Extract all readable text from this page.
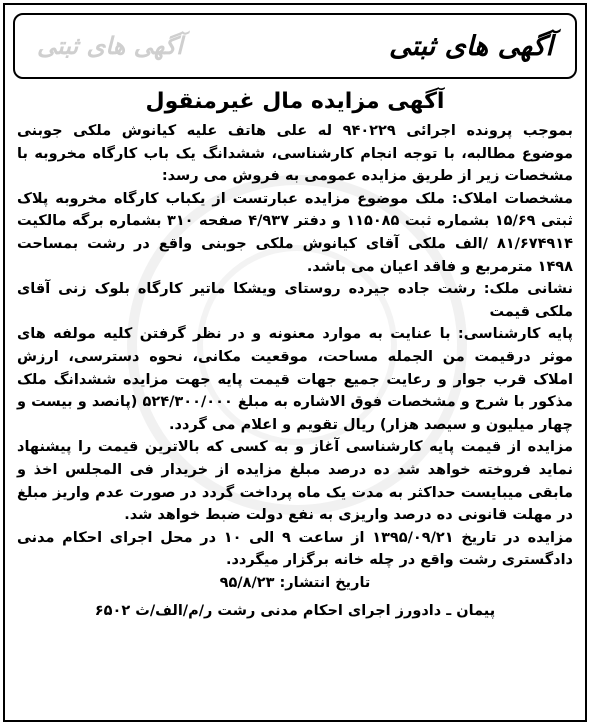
آگهی های ثبتی
آگهی های ثبتی
آگهی مزایده مال غیرمنقول

بموجب پرونده اجرائی ۹۴۰۲۲۹ له علی هاتف علیه کیانوش ملکی جوبنی موضوع مطالبه، با توجه انجام کارشناسی، ششدانگ یک باب کارگاه مخروبه با مشخصات زیر از طریق مزایده عمومی به فروش می رسد:

مشخصات املاک: ملک موضوع مزایده عبارتست از یکباب کارگاه مخروبه پلاک ثبتی ۱۵/۶۹ بشماره ثبت ۱۱۵۰۸۵ و دفتر ۴/۹۳۷ صفحه ۳۱۰ بشماره برگه مالکیت ۸۱/۶۷۴۹۱۴ /الف ملکی آقای کیانوش ملکی جوبنی واقع در رشت بمساحت ۱۴۹۸ مترمربع و فاقد اعیان می باشد.

نشانی ملک: رشت جاده جیرده روستای ویشکا ماتیر کارگاه بلوک زنی آقای ملکی قیمت

پایه کارشناسی: با عنایت به موارد معنونه و در نظر گرفتن کلیه مولفه های موثر درقیمت من الجمله مساحت، موقعیت مکانی، نحوه دسترسی، ارزش املاک قرب جوار و رعایت جمیع جهات قیمت پایه جهت مزایده ششدانگ ملک مذکور با شرح و مشخصات فوق الاشاره به مبلغ ۵۲۴/۳۰۰/۰۰۰ (پانصد و بیست و چهار میلیون و سیصد هزار) ریال تقویم و اعلام می گردد.

مزایده از قیمت پایه کارشناسی آغاز و به کسی که بالاترین قیمت را پیشنهاد نماید فروخته خواهد شد ده درصد مبلغ مزایده از خریدار فی المجلس اخذ و مابقی میبایست حداکثر به مدت یک ماه پرداخت گردد در صورت عدم واریز مبلغ در مهلت قانونی ده درصد واریزی به نفع دولت ضبط خواهد شد.

مزایده در تاریخ ۱۳۹۵/۰۹/۲۱ از ساعت ۹ الی ۱۰ در محل اجرای احکام مدنی دادگستری رشت واقع در چله خانه برگزار میگردد.

تاریخ انتشار: ۹۵/۸/۲۳

پیمان ـ دادورز اجرای احکام مدنی رشت ر/م/الف/ث ۶۵۰۲
